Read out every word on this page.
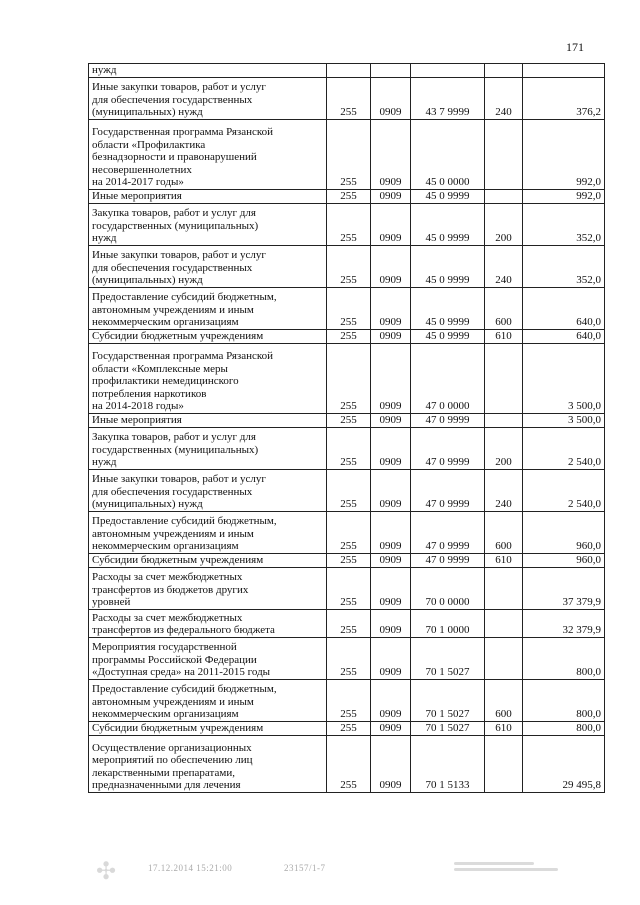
171
нужд					
Иные закупки товаров, работ и услуг
для обеспечения государственных
(муниципальных) нужд	255	0909	43 7 9999	240	376,2
Государственная программа Рязанской
области «Профилактика
безнадзорности и правонарушений
несовершеннолетних
на 2014-2017 годы»	255	0909	45 0 0000		992,0
Иные мероприятия	255	0909	45 0 9999		992,0
Закупка товаров, работ и услуг для
государственных (муниципальных)
нужд	255	0909	45 0 9999	200	352,0
Иные закупки товаров, работ и услуг
для обеспечения государственных
(муниципальных) нужд	255	0909	45 0 9999	240	352,0
Предоставление субсидий бюджетным,
автономным учреждениям и иным
некоммерческим организациям	255	0909	45 0 9999	600	640,0
Субсидии бюджетным учреждениям	255	0909	45 0 9999	610	640,0
Государственная программа Рязанской
области «Комплексные меры
профилактики немедицинского
потребления наркотиков
на 2014-2018 годы»	255	0909	47 0 0000		3 500,0
Иные мероприятия	255	0909	47 0 9999		3 500,0
Закупка товаров, работ и услуг для
государственных (муниципальных)
нужд	255	0909	47 0 9999	200	2 540,0
Иные закупки товаров, работ и услуг
для обеспечения государственных
(муниципальных) нужд	255	0909	47 0 9999	240	2 540,0
Предоставление субсидий бюджетным,
автономным учреждениям и иным
некоммерческим организациям	255	0909	47 0 9999	600	960,0
Субсидии бюджетным учреждениям	255	0909	47 0 9999	610	960,0
Расходы за счет межбюджетных
трансфертов из бюджетов других
уровней	255	0909	70 0 0000		37 379,9
Расходы за счет межбюджетных
трансфертов из федерального бюджета	255	0909	70 1 0000		32 379,9
Мероприятия государственной
программы Российской Федерации
«Доступная среда» на 2011-2015 годы	255	0909	70 1 5027		800,0
Предоставление субсидий бюджетным,
автономным учреждениям и иным
некоммерческим организациям	255	0909	70 1 5027	600	800,0
Субсидии бюджетным учреждениям	255	0909	70 1 5027	610	800,0
Осуществление организационных
мероприятий по обеспечению лиц
лекарственными препаратами,
предназначенными для лечения	255	0909	70 1 5133		29 495,8
✣	17.12.2014 15:21:00	23157/1-7
